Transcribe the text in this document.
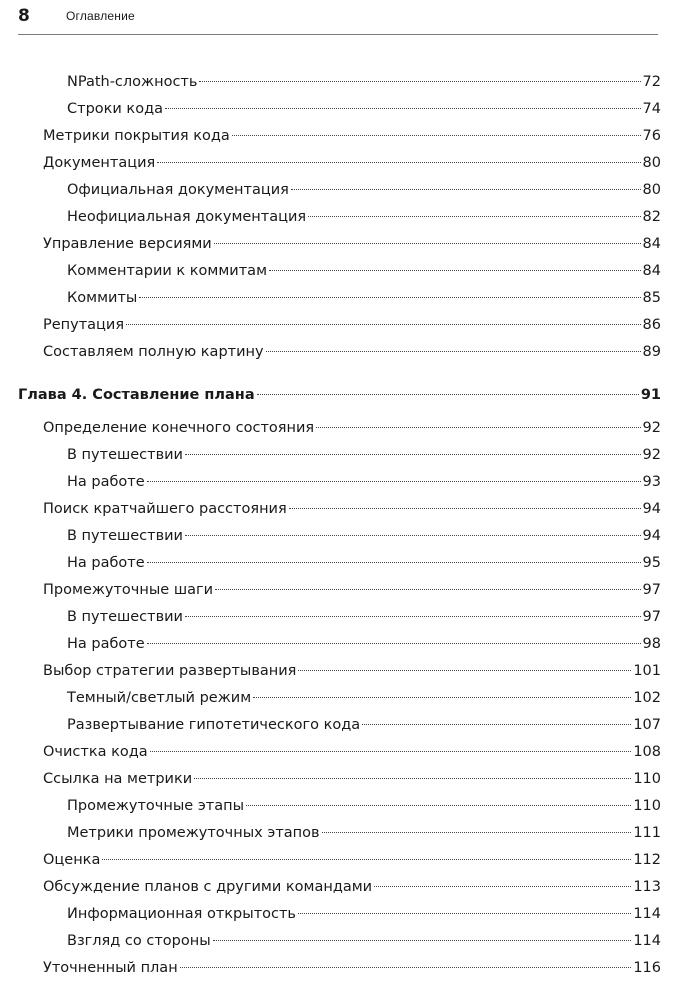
8	Оглавление
NPath-сложность	72
Строки кода	74
Метрики покрытия кода	76
Документация	80
Официальная документация	80
Неофициальная документация	82
Управление версиями	84
Комментарии к коммитам	84
Коммиты	85
Репутация	86
Составляем полную картину	89
Глава 4. Составление плана	91
Определение конечного состояния	92
В путешествии	92
На работе	93
Поиск кратчайшего расстояния	94
В путешествии	94
На работе	95
Промежуточные шаги	97
В путешествии	97
На работе	98
Выбор стратегии развертывания	101
Темный/светлый режим	102
Развертывание гипотетического кода	107
Очистка кода	108
Ссылка на метрики	110
Промежуточные этапы	110
Метрики промежуточных этапов	111
Оценка	112
Обсуждение планов с другими командами	113
Информационная открытость	114
Взгляд со стороны	114
Уточненный план	116
